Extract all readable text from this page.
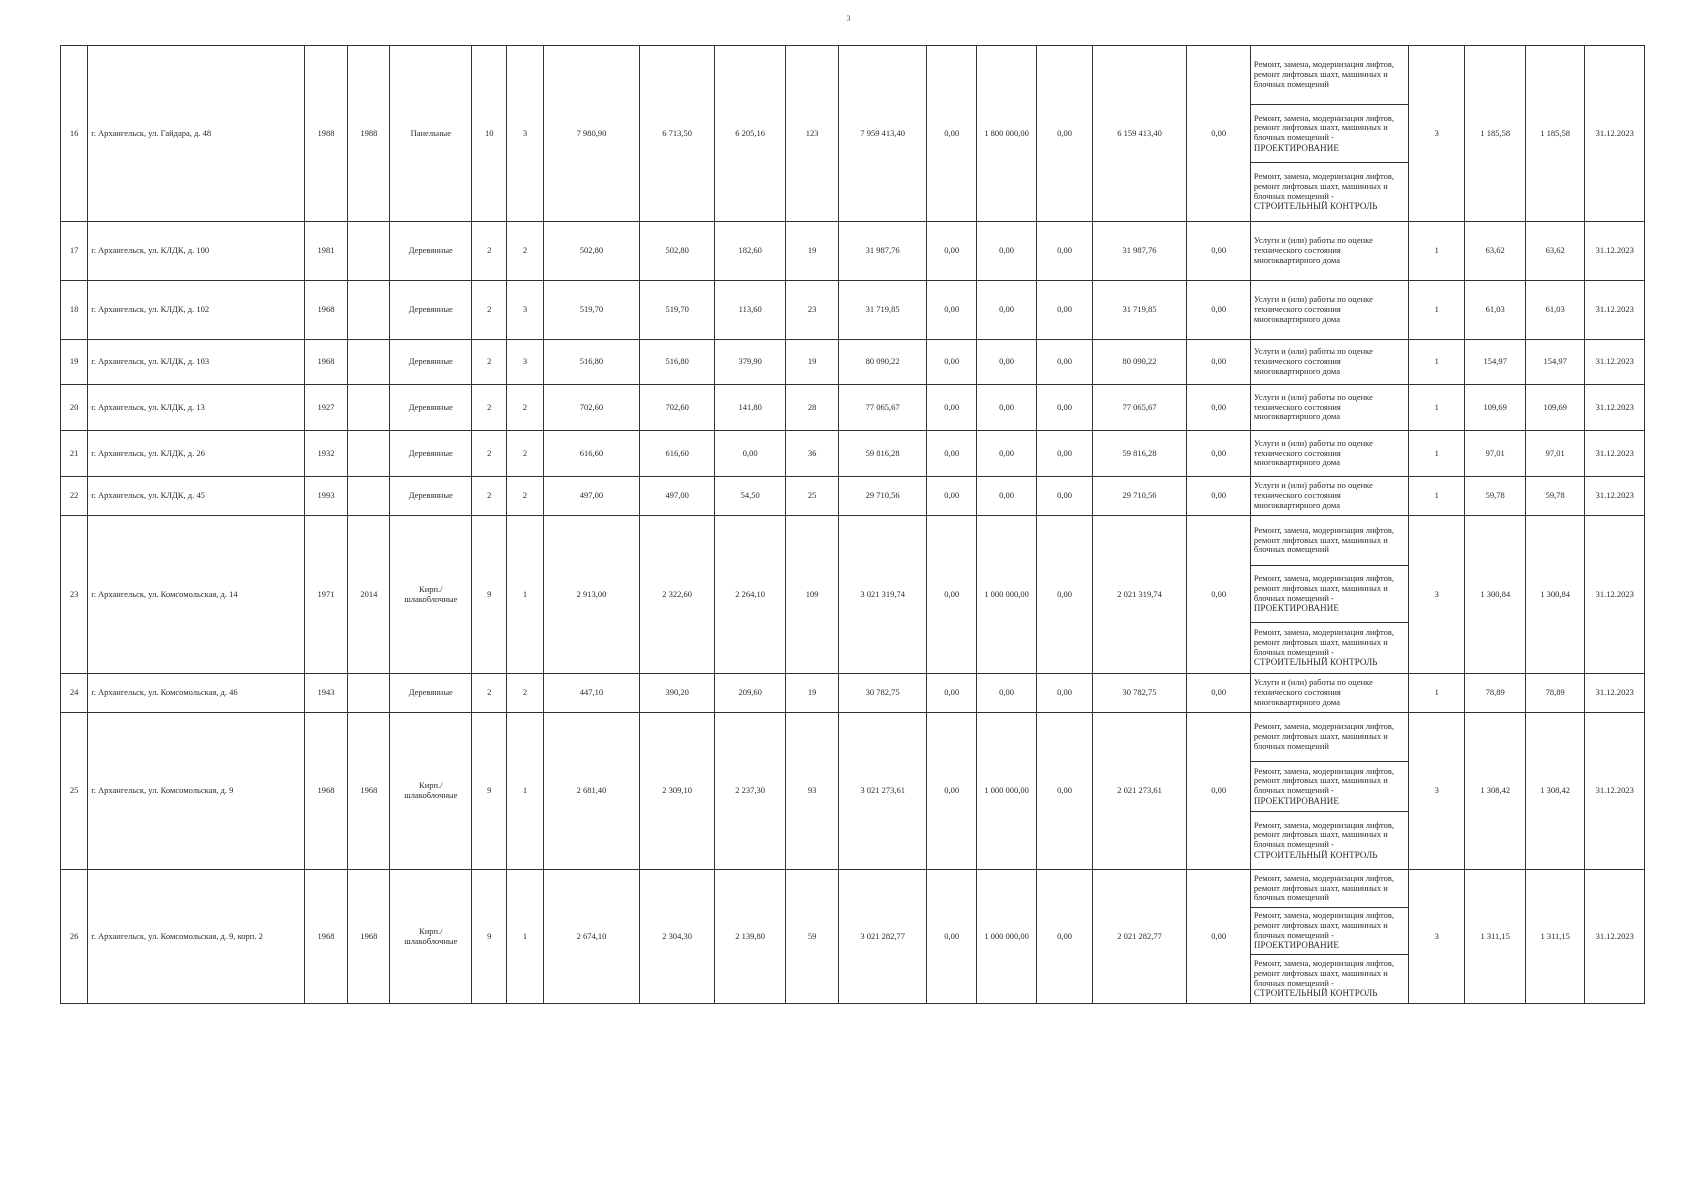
3
16	г. Архангельск, ул. Гайдара, д. 48	1988	1988	Панельные	10	3	7 980,90	6 713,50	6 205,16	123	7 959 413,40	0,00	1 800 000,00	0,00	6 159 413,40	0,00	Ремонт, замена, модернизация лифтов, ремонт лифтовых шахт, машинных и блочных помещений	3	1 185,58	1 185,58	31.12.2023

																	Ремонт, замена, модернизация лифтов, ремонт лифтовых шахт, машинных и блочных помещений -
ПРОЕКТИРОВАНИЕ				

																	Ремонт, замена, модернизация лифтов, ремонт лифтовых шахт, машинных и блочных помещений -
СТРОИТЕЛЬНЫЙ КОНТРОЛЬ				

17	г. Архангельск, ул. КЛДК, д. 100	1981		Деревянные	2	2	502,80	502,80	182,60	19	31 987,76	0,00	0,00	0,00	31 987,76	0,00	Услуги и (или) работы по оценке технического состояния многоквартирного дома	1	63,62	63,62	31.12.2023
18	г. Архангельск, ул. КЛДК, д. 102	1968		Деревянные	2	3	519,70	519,70	113,60	23	31 719,85	0,00	0,00	0,00	31 719,85	0,00	Услуги и (или) работы по оценке технического состояния многоквартирного дома	1	61,03	61,03	31.12.2023
19	г. Архангельск, ул. КЛДК, д. 103	1968		Деревянные	2	3	516,80	516,80	379,90	19	80 090,22	0,00	0,00	0,00	80 090,22	0,00	Услуги и (или) работы по оценке технического состояния многоквартирного дома	1	154,97	154,97	31.12.2023
20	г. Архангельск, ул. КЛДК, д. 13	1927		Деревянные	2	2	702,60	702,60	141,80	28	77 065,67	0,00	0,00	0,00	77 065,67	0,00	Услуги и (или) работы по оценке технического состояния многоквартирного дома	1	109,69	109,69	31.12.2023
21	г. Архангельск, ул. КЛДК, д. 26	1932		Деревянные	2	2	616,60	616,60	0,00	36	59 816,28	0,00	0,00	0,00	59 816,28	0,00	Услуги и (или) работы по оценке технического состояния многоквартирного дома	1	97,01	97,01	31.12.2023
22	г. Архангельск, ул. КЛДК, д. 45	1993		Деревянные	2	2	497,00	497,00	54,50	25	29 710,56	0,00	0,00	0,00	29 710,56	0,00	Услуги и (или) работы по оценке технического состояния многоквартирного дома	1	59,78	59,78	31.12.2023
23	г. Архангельск, ул. Комсомольская, д. 14	1971	2014	Кирп./ шлакоблочные	9	1	2 913,00	2 322,60	2 264,10	109	3 021 319,74	0,00	1 000 000,00	0,00	2 021 319,74	0,00	Ремонт, замена, модернизация лифтов, ремонт лифтовых шахт, машинных и блочных помещений	3	1 300,84	1 300,84	31.12.2023

																	Ремонт, замена, модернизация лифтов, ремонт лифтовых шахт, машинных и блочных помещений -
ПРОЕКТИРОВАНИЕ				

																	Ремонт, замена, модернизация лифтов, ремонт лифтовых шахт, машинных и блочных помещений -
СТРОИТЕЛЬНЫЙ КОНТРОЛЬ				

24	г. Архангельск, ул. Комсомольская, д. 46	1943		Деревянные	2	2	447,10	390,20	209,60	19	30 782,75	0,00	0,00	0,00	30 782,75	0,00	Услуги и (или) работы по оценке технического состояния многоквартирного дома	1	78,89	78,89	31.12.2023
25	г. Архангельск, ул. Комсомольская, д. 9	1968	1968	Кирп./ шлакоблочные	9	1	2 681,40	2 309,10	2 237,30	93	3 021 273,61	0,00	1 000 000,00	0,00	2 021 273,61	0,00	Ремонт, замена, модернизация лифтов, ремонт лифтовых шахт, машинных и блочных помещений	3	1 308,42	1 308,42	31.12.2023

																	Ремонт, замена, модернизация лифтов, ремонт лифтовых шахт, машинных и блочных помещений -
ПРОЕКТИРОВАНИЕ				

																	Ремонт, замена, модернизация лифтов, ремонт лифтовых шахт, машинных и блочных помещений -
СТРОИТЕЛЬНЫЙ КОНТРОЛЬ				

26	г. Архангельск, ул. Комсомольская, д. 9, корп. 2	1968	1968	Кирп./ шлакоблочные	9	1	2 674,10	2 304,30	2 139,80	59	3 021 282,77	0,00	1 000 000,00	0,00	2 021 282,77	0,00	Ремонт, замена, модернизация лифтов, ремонт лифтовых шахт, машинных и блочных помещений	3	1 311,15	1 311,15	31.12.2023

																	Ремонт, замена, модернизация лифтов, ремонт лифтовых шахт, машинных и блочных помещений -
ПРОЕКТИРОВАНИЕ				

																	Ремонт, замена, модернизация лифтов, ремонт лифтовых шахт, машинных и блочных помещений -
СТРОИТЕЛЬНЫЙ КОНТРОЛЬ				
